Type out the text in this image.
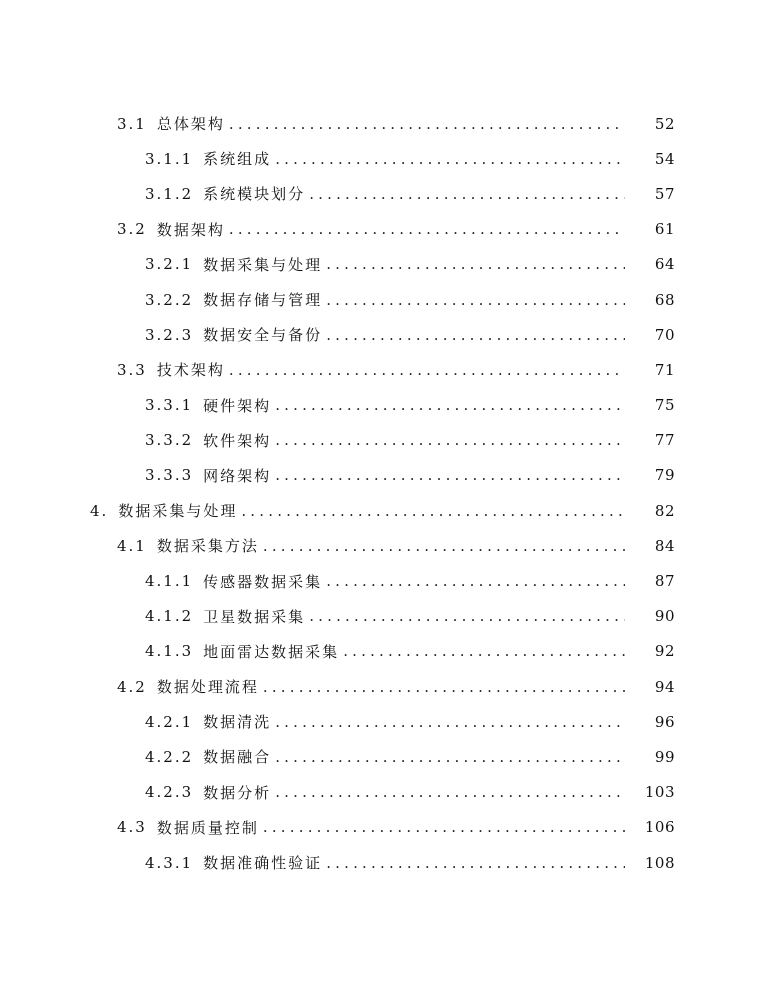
3.1 总体架构 .....	52
3.1.1 系统组成 .....	54
3.1.2 系统模块划分 .....	57
3.2 数据架构 .....	61
3.2.1 数据采集与处理 .....	64
3.2.2 数据存储与管理 .....	68
3.2.3 数据安全与备份 .....	70
3.3 技术架构 .....	71
3.3.1 硬件架构 .....	75
3.3.2 软件架构 .....	77
3.3.3 网络架构 .....	79
4. 数据采集与处理 .....	82
4.1 数据采集方法 .....	84
4.1.1 传感器数据采集 .....	87
4.1.2 卫星数据采集 .....	90
4.1.3 地面雷达数据采集 .....	92
4.2 数据处理流程 .....	94
4.2.1 数据清洗 .....	96
4.2.2 数据融合 .....	99
4.2.3 数据分析 .....	103
4.3 数据质量控制 .....	106
4.3.1 数据准确性验证 .....	108
